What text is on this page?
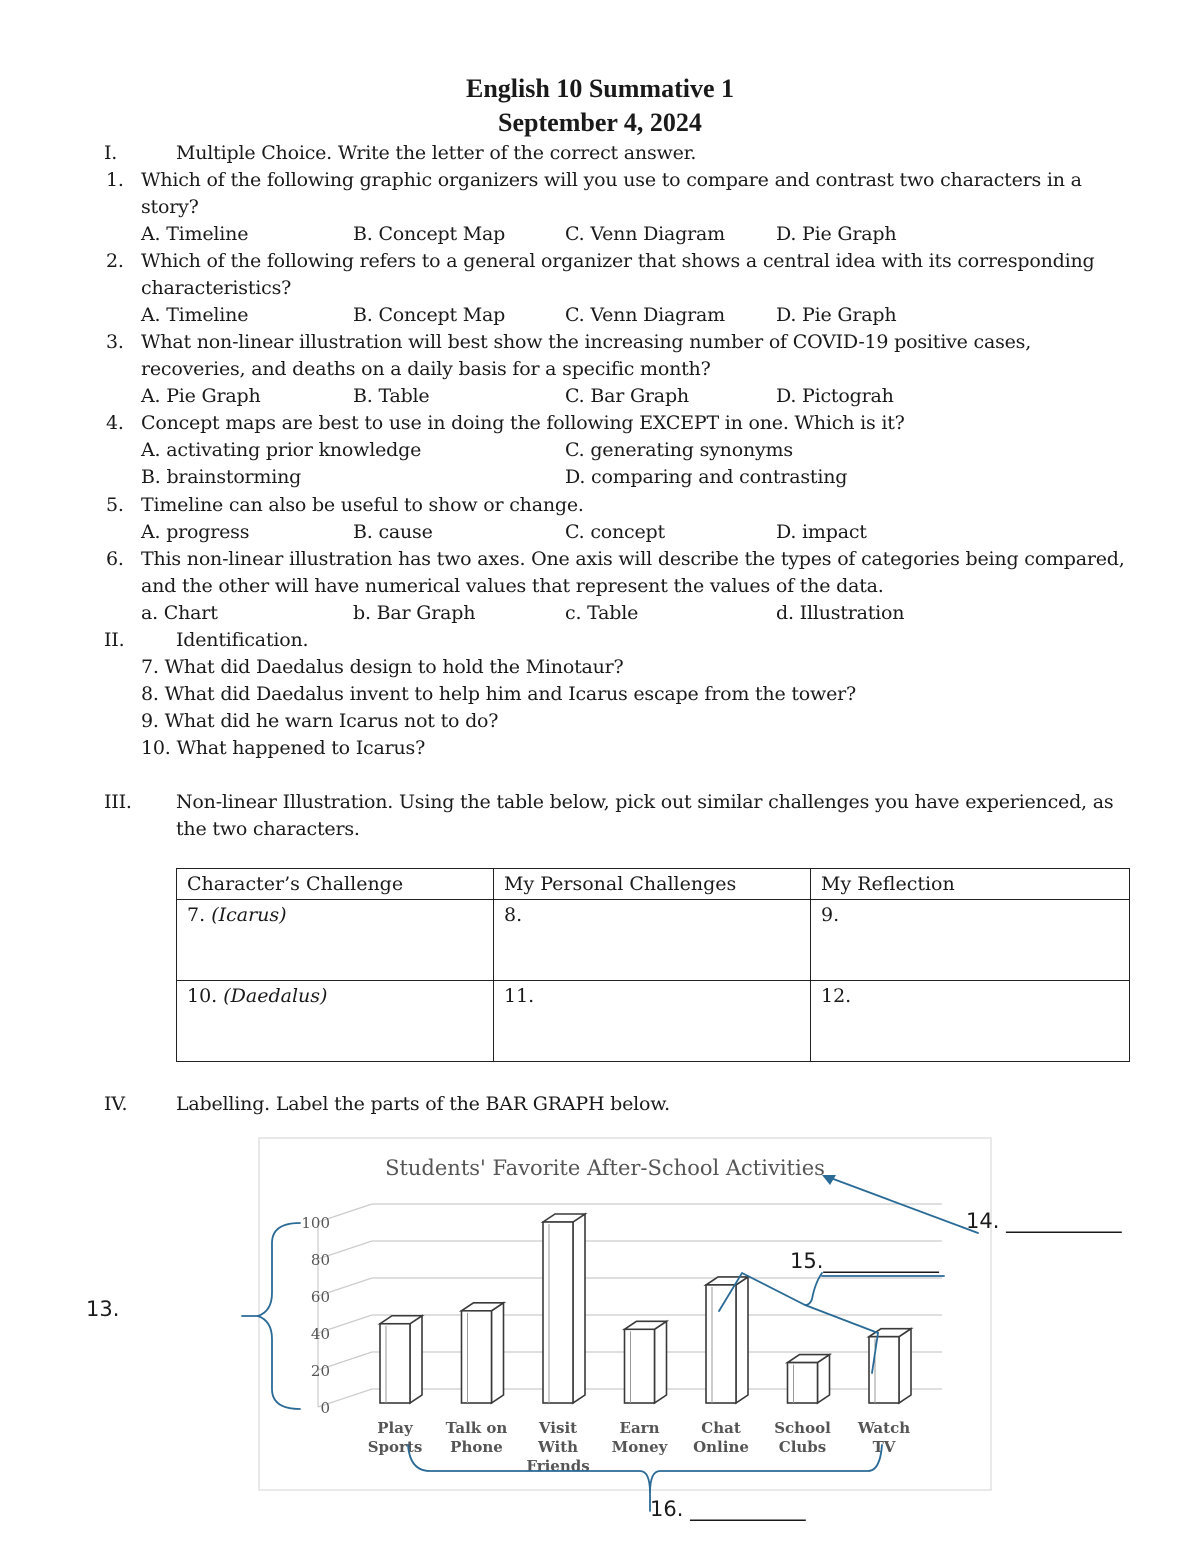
English 10 Summative 1
September 4, 2024
I.	Multiple Choice. Write the letter of the correct answer.
1. Which of the following graphic organizers will you use to compare and contrast two characters in a
story?
A. Timeline	B. Concept Map	C. Venn Diagram	D. Pie Graph
2. Which of the following refers to a general organizer that shows a central idea with its corresponding
characteristics?
A. Timeline	B. Concept Map	C. Venn Diagram	D. Pie Graph
3. What non-linear illustration will best show the increasing number of COVID-19 positive cases,
recoveries, and deaths on a daily basis for a specific month?
A. Pie Graph	B. Table	C. Bar Graph	D. Pictograh
4. Concept maps are best to use in doing the following EXCEPT in one. Which is it?
A. activating prior knowledge	C. generating synonyms
B. brainstorming	D. comparing and contrasting
5. Timeline can also be useful to show or change.
A. progress	B. cause	C. concept	D. impact
6. This non-linear illustration has two axes. One axis will describe the types of categories being compared,
and the other will have numerical values that represent the values of the data.
a. Chart	b. Bar Graph	c. Table	d. Illustration
II.	Identification.
7. What did Daedalus design to hold the Minotaur?
8. What did Daedalus invent to help him and Icarus escape from the tower?
9. What did he warn Icarus not to do?
10. What happened to Icarus?
III. Non-linear Illustration. Using the table below, pick out similar challenges you have experienced, as
the two characters.
Character’s Challenge	My Personal Challenges	My Reflection
7. (Icarus)	8.	9.
10. (Daedalus)	11.	12.
IV.	Labelling. Label the parts of the BAR GRAPH below.
Students' Favorite After-School Activities
0
20
40
60
80
100
Play
Sports
Talk on
Phone
Visit
With
Friends
Earn
Money
Chat
Online
School
Clubs
Watch
TV
13.
14. ___________
15.___________
16. ___________
